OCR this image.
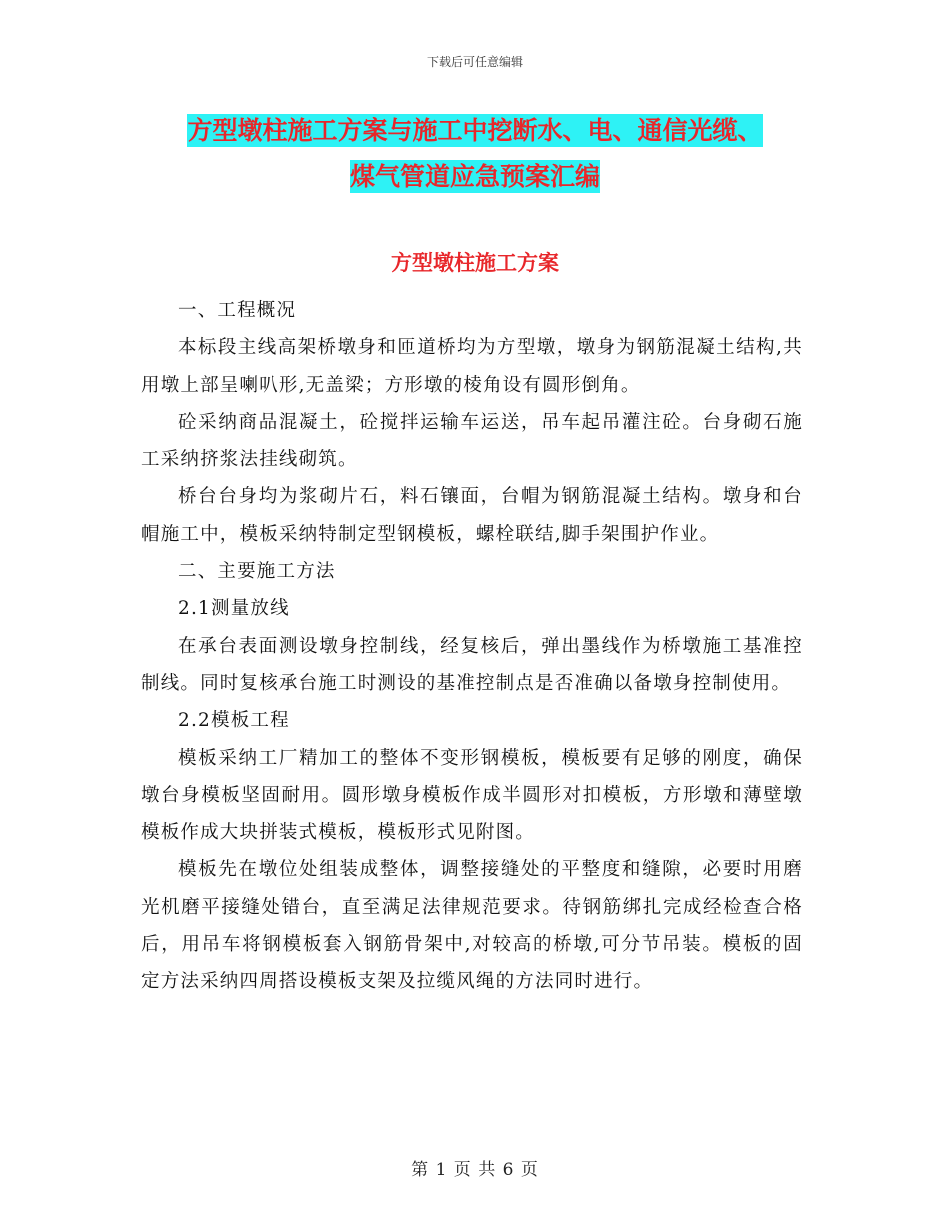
下载后可任意编辑
方型墩柱施工方案与施工中挖断水、电、通信光缆、
煤气管道应急预案汇编
方型墩柱施工方案

一、工程概况

本标段主线高架桥墩身和匝道桥均为方型墩，墩身为钢筋混凝土结构,共用墩上部呈喇叭形,无盖梁；方形墩的棱角设有圆形倒角。

砼采纳商品混凝土，砼搅拌运输车运送，吊车起吊灌注砼。台身砌石施工采纳挤浆法挂线砌筑。

桥台台身均为浆砌片石，料石镶面，台帽为钢筋混凝土结构。墩身和台帽施工中，模板采纳特制定型钢模板，螺栓联结,脚手架围护作业。

二、主要施工方法

2.1测量放线

在承台表面测设墩身控制线，经复核后，弹出墨线作为桥墩施工基准控制线。同时复核承台施工时测设的基准控制点是否准确以备墩身控制使用。

2.2模板工程

模板采纳工厂精加工的整体不变形钢模板，模板要有足够的刚度，确保墩台身模板坚固耐用。圆形墩身模板作成半圆形对扣模板，方形墩和薄壁墩模板作成大块拼装式模板，模板形式见附图。

模板先在墩位处组装成整体，调整接缝处的平整度和缝隙，必要时用磨光机磨平接缝处错台，直至满足法律规范要求。待钢筋绑扎完成经检查合格后，用吊车将钢模板套入钢筋骨架中,对较高的桥墩,可分节吊装。模板的固定方法采纳四周搭设模板支架及拉缆风绳的方法同时进行。

第 1 页 共 6 页
